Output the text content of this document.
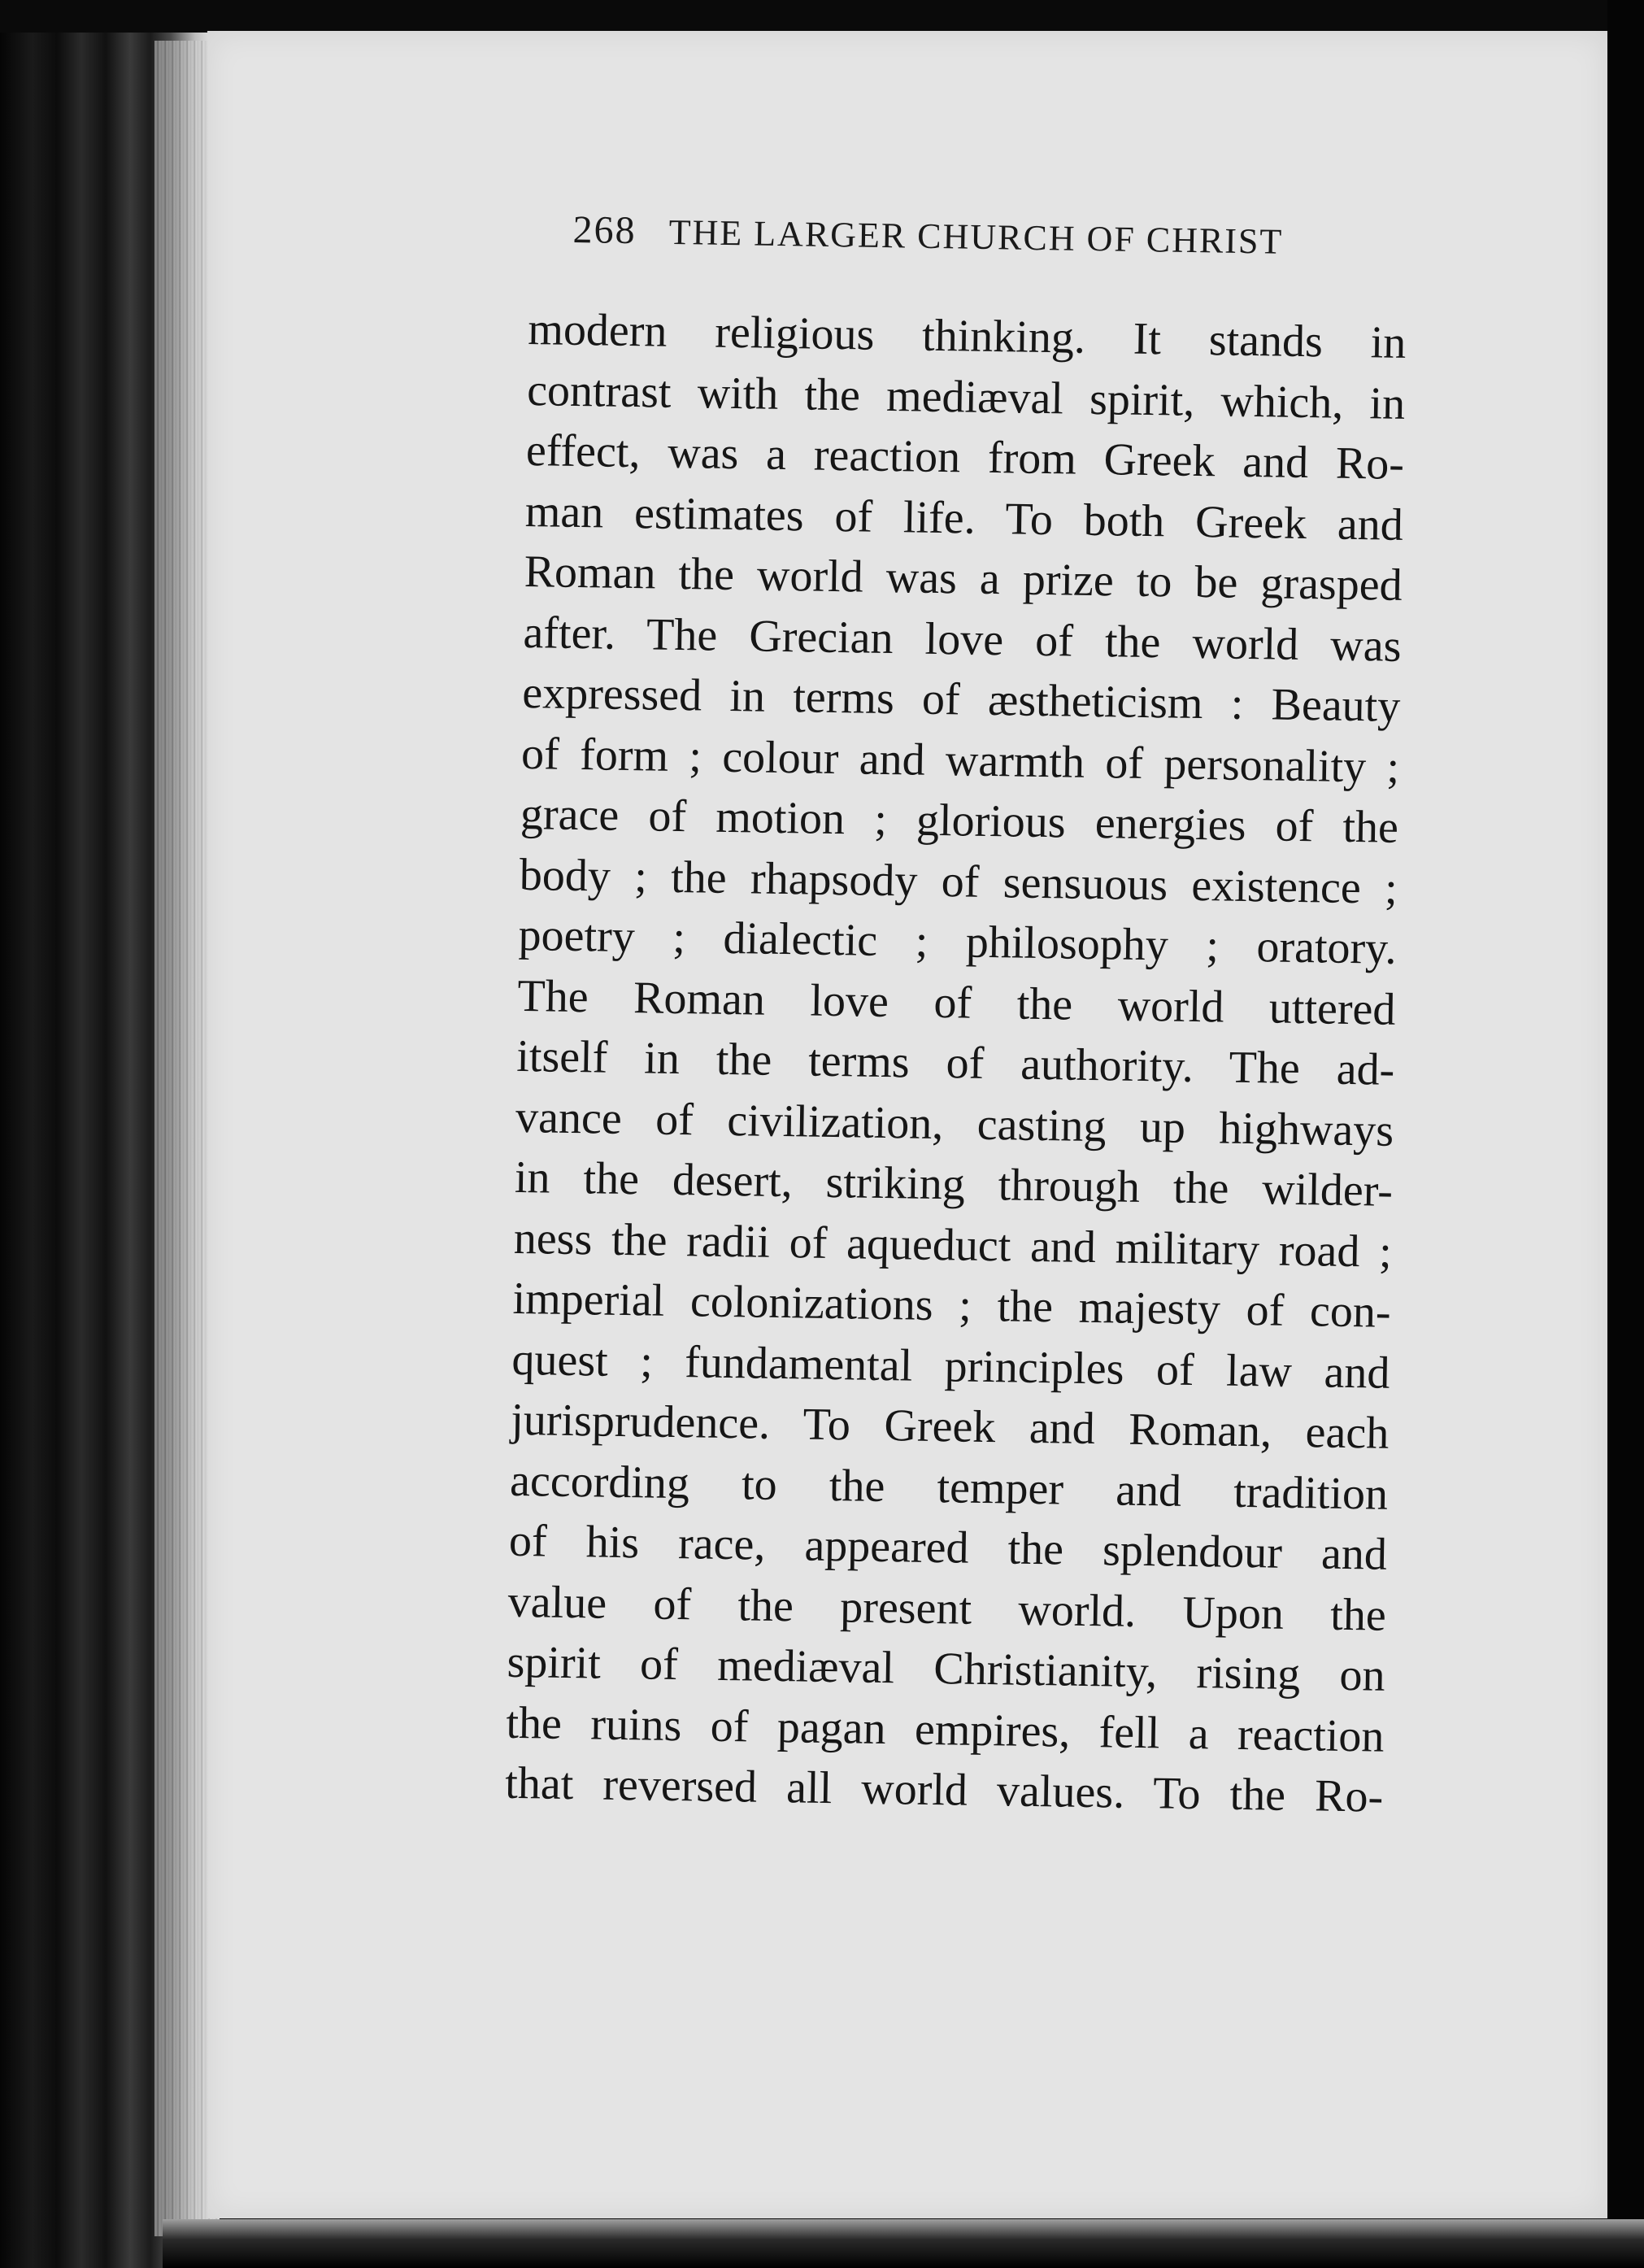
268 THE LARGER CHURCH OF CHRIST
modern religious thinking. It stands in
contrast with the mediæval spirit, which, in
effect, was a reaction from Greek and Ro-
man estimates of life. To both Greek and
Roman the world was a prize to be grasped
after. The Grecian love of the world was
expressed in terms of æstheticism : Beauty
of form ; colour and warmth of personality ;
grace of motion ; glorious energies of the
body ; the rhapsody of sensuous existence ;
poetry ; dialectic ; philosophy ; oratory.
The Roman love of the world uttered
itself in the terms of authority. The ad-
vance of civilization, casting up highways
in the desert, striking through the wilder-
ness the radii of aqueduct and military road ;
imperial colonizations ; the majesty of con-
quest ; fundamental principles of law and
jurisprudence. To Greek and Roman, each
according to the temper and tradition
of his race, appeared the splendour and
value of the present world. Upon the
spirit of mediæval Christianity, rising on
the ruins of pagan empires, fell a reaction
that reversed all world values. To the Ro-
